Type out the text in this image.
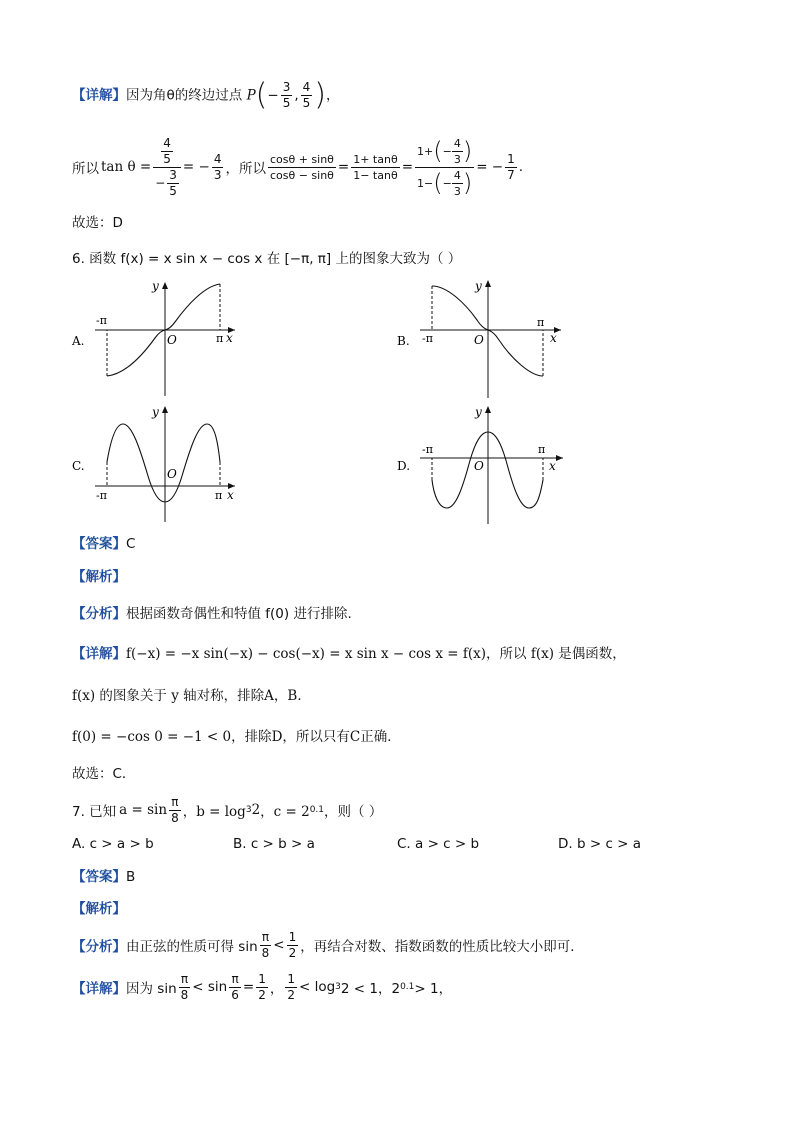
【详解】因为角θ的终边过点 $P(- \frac{3}{5}$ , $\frac{4}{5}$ )，
所以 tan θ = 4
5
− $\frac{3}{5}$ = − $\frac{4}{3}$ ，所以 $\frac{\cos\theta + \sin\theta}{\cos\theta - \sin\theta} = \frac{1+ \tan\theta}{1- \tan\theta} = 1+$ ( −
4
3 )
1− ( −
4
3 ) = − $\frac{1}{7}$ .
故选：D
6. 函数 f(x) = x sin x − cos x 在 [−π, π] 上的图象大致为（ ）
A.
-π
π x
y
O	B. -π
π
x
y
O
C.
-π	π x
y
O
D.
-π	π
x
y
O
【答案】C
【解析】
【分析】根据函数奇偶性和特值 f(0) 进行排除.
【详解】f(−x) = −x sin(−x) − cos(−x) = x sin x − cos x = f(x)，所以 f(x) 是偶函数，
f(x) 的图象关于 y 轴对称，排除A，B．
f(0) = −cos 0 = −1 < 0，排除D，所以只有C正确．
故选：C．
7. 已知 $a = \sin \frac{\pi}{8}$ ，b = log 3 2 ，c = 2 0.1 ，则（ ）
A. c > a > b	B. c > b > a	C. a > c > b	D. b > c > a
【答案】B
【解析】
【分析】 由正弦的性质可得 $\sin \frac{\pi}{8} < \frac{1}{2}$ ，再结合对数、指数函数的性质比较大小即可．
【详解】 因为 $\sin \frac{\pi}{8} < \sin \frac{\pi}{6} = \frac{1}{2}$ ， $\frac{1}{2} < \log 3$ 2 < 1，2 0.1 > 1，
